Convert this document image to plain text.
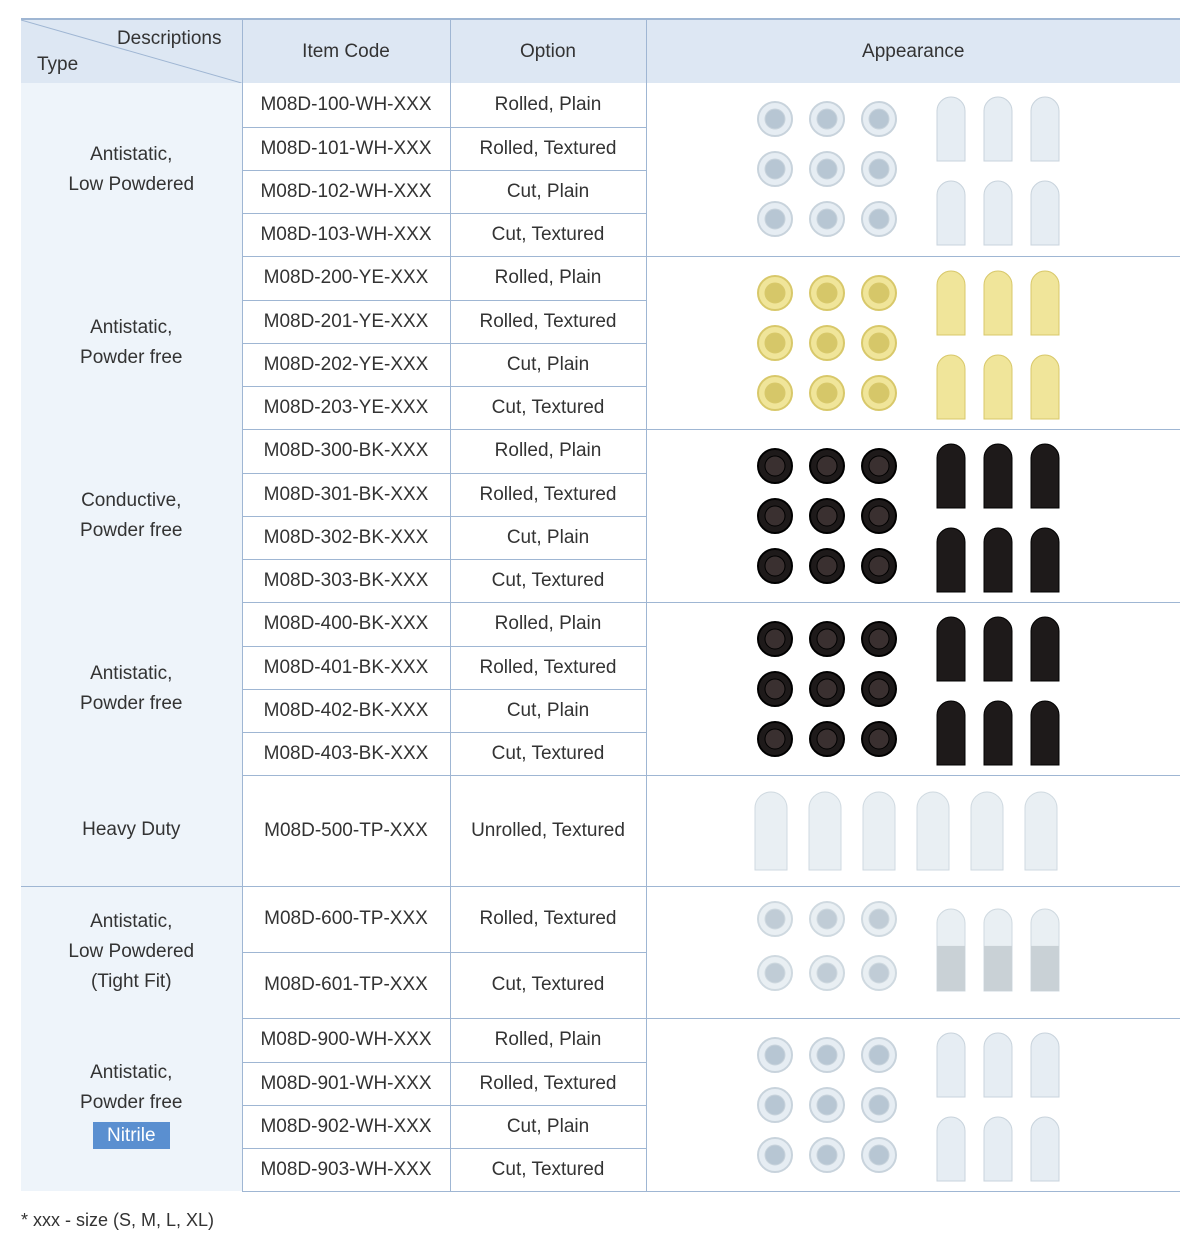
Descriptions
Type	Item Code	Option	Appearance

Antistatic,
Low Powdered	M08D-100-WH-XXX	Rolled, Plain	

	M08D-101-WH-XXX	Rolled, Textured	
	M08D-102-WH-XXX	Cut, Plain	
	M08D-103-WH-XXX	Cut, Textured	

Antistatic,
Powder free	M08D-200-YE-XXX	Rolled, Plain	

	M08D-201-YE-XXX	Rolled, Textured	
	M08D-202-YE-XXX	Cut, Plain	
	M08D-203-YE-XXX	Cut, Textured	

Conductive,
Powder free	M08D-300-BK-XXX	Rolled, Plain	

	M08D-301-BK-XXX	Rolled, Textured	
	M08D-302-BK-XXX	Cut, Plain	
	M08D-303-BK-XXX	Cut, Textured	

Antistatic,
Powder free	M08D-400-BK-XXX	Rolled, Plain	

	M08D-401-BK-XXX	Rolled, Textured	
	M08D-402-BK-XXX	Cut, Plain	
	M08D-403-BK-XXX	Cut, Textured	

Heavy Duty	M08D-500-TP-XXX	Unrolled, Textured	

Antistatic,
Low Powdered
(Tight Fit)	M08D-600-TP-XXX	Rolled, Textured	

	M08D-601-TP-XXX	Cut, Textured	

Antistatic,
Powder free
Nitrile	M08D-900-WH-XXX	Rolled, Plain	

	M08D-901-WH-XXX	Rolled, Textured	
	M08D-902-WH-XXX	Cut, Plain	
	M08D-903-WH-XXX	Cut, Textured	
* xxx - size (S, M, L, XL)
